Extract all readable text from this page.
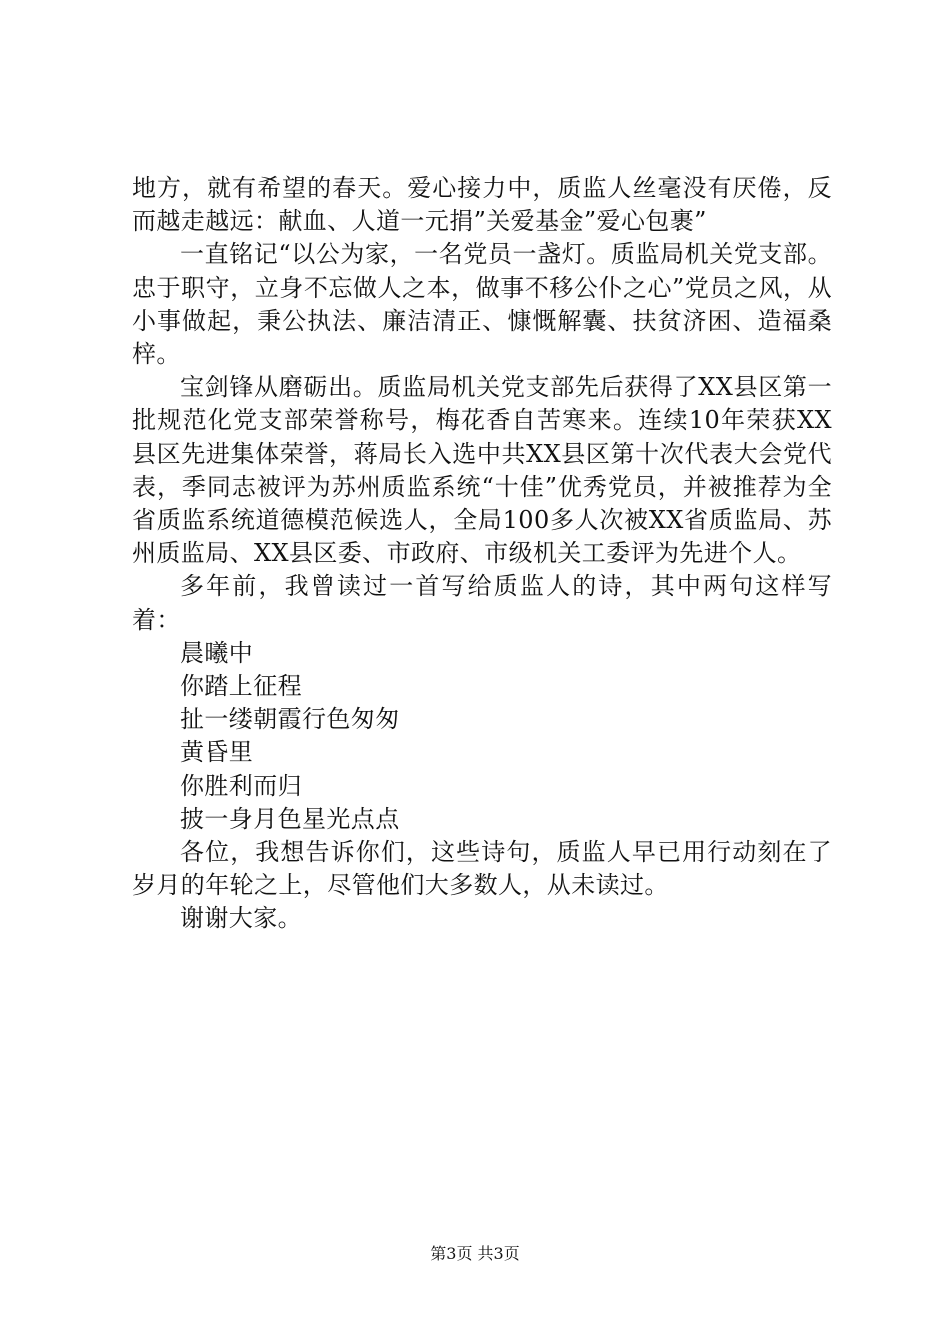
地方，就有希望的春天。爱心接力中，质监人丝毫没有厌倦，反而越走越远：献血、人道一元捐”关爱基金”爱心包裹”

一直铭记“以公为家，一名党员一盏灯。质监局机关党支部。忠于职守，立身不忘做人之本，做事不移公仆之心”党员之风，从小事做起，秉公执法、廉洁清正、慷慨解囊、扶贫济困、造福桑梓。

宝剑锋从磨砺出。质监局机关党支部先后获得了XX县区第一批规范化党支部荣誉称号，梅花香自苦寒来。连续10年荣获XX县区先进集体荣誉，蒋局长入选中共XX县区第十次代表大会党代表，季同志被评为苏州质监系统“十佳”优秀党员，并被推荐为全省质监系统道德模范候选人，全局100多人次被XX省质监局、苏州质监局、XX县区委、市政府、市级机关工委评为先进个人。

多年前，我曾读过一首写给质监人的诗，其中两句这样写着：

晨曦中

你踏上征程

扯一缕朝霞行色匆匆

黄昏里

你胜利而归

披一身月色星光点点

各位，我想告诉你们，这些诗句，质监人早已用行动刻在了岁月的年轮之上，尽管他们大多数人，从未读过。

谢谢大家。

第3页 共3页
